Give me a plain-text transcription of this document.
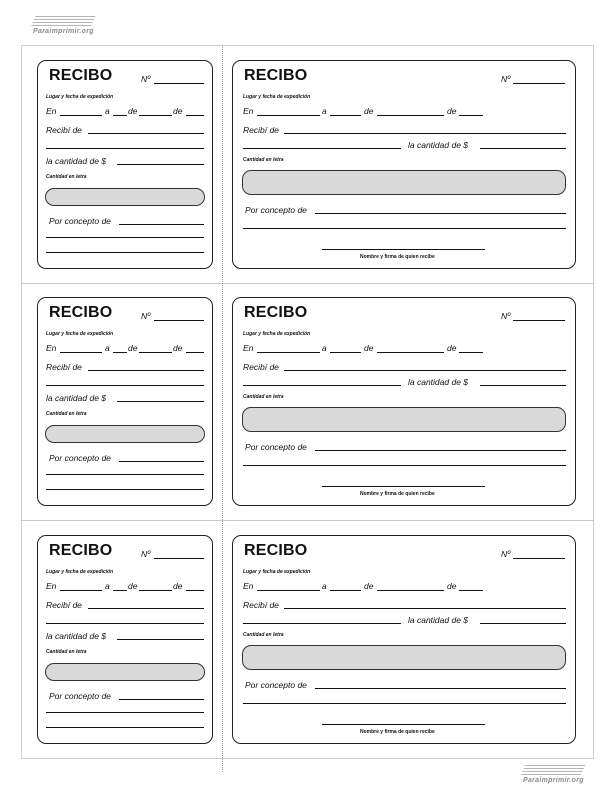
Paraimprimir.org
Paraimprimir.org
RECIBO	Nº
Lugar y fecha de expedición
En	a de	de
Recibí de
la cantidad de $
Cantidad en letra
Por concepto de
RECIBO	Nº
Lugar y fecha de expedición
En	a	de	de
Recibí de
la cantidad de $
Cantidad en letra
Por concepto de
Nombre y firma de quien recibe
RECIBO	Nº
Lugar y fecha de expedición
En	a de	de
Recibí de
la cantidad de $
Cantidad en letra
Por concepto de
RECIBO	Nº
Lugar y fecha de expedición
En	a	de	de
Recibí de
la cantidad de $
Cantidad en letra
Por concepto de
Nombre y firma de quien recibe
RECIBO	Nº
Lugar y fecha de expedición
En	a de	de
Recibí de
la cantidad de $
Cantidad en letra
Por concepto de
RECIBO	Nº
Lugar y fecha de expedición
En	a	de	de
Recibí de
la cantidad de $
Cantidad en letra
Por concepto de
Nombre y firma de quien recibe
